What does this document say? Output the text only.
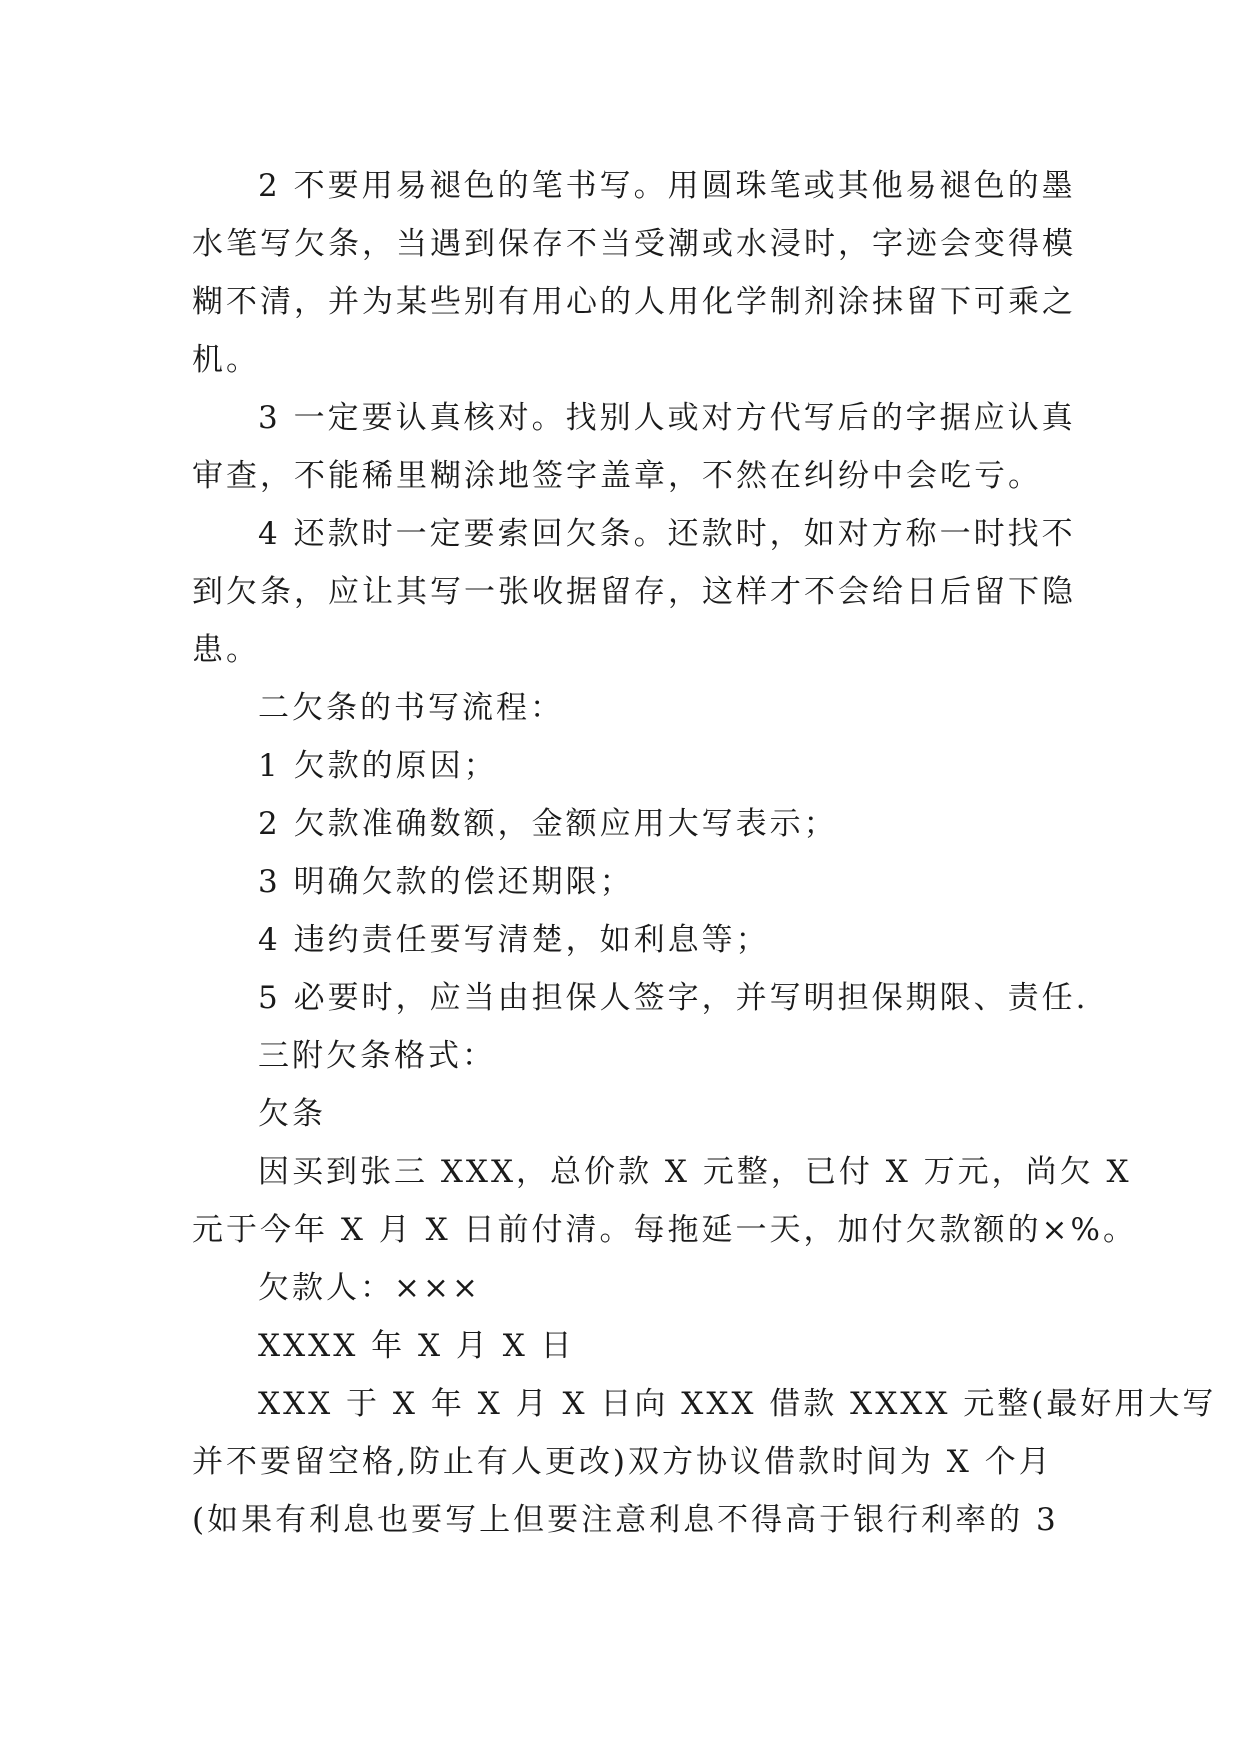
2 不要用易褪色的笔书写。用圆珠笔或其他易褪色的墨
水笔写欠条，当遇到保存不当受潮或水浸时，字迹会变得模
糊不清，并为某些别有用心的人用化学制剂涂抹留下可乘之
机。
3 一定要认真核对。找别人或对方代写后的字据应认真
审查，不能稀里糊涂地签字盖章，不然在纠纷中会吃亏。
4 还款时一定要索回欠条。还款时，如对方称一时找不
到欠条，应让其写一张收据留存，这样才不会给日后留下隐
患。
二欠条的书写流程：
1 欠款的原因；
2 欠款准确数额，金额应用大写表示；
3 明确欠款的偿还期限；
4 违约责任要写清楚，如利息等；
5 必要时，应当由担保人签字，并写明担保期限、责任.
三附欠条格式：
欠条
因买到张三 XXX，总价款 X 元整，已付 X 万元，尚欠 X
元于今年 X 月 X 日前付清。每拖延一天，加付欠款额的×%。
欠款人：×××
XXXX 年 X 月 X 日
XXX 于 X 年 X 月 X 日向 XXX 借款 XXXX 元整(最好用大写
并不要留空格,防止有人更改)双方协议借款时间为 X 个月
(如果有利息也要写上但要注意利息不得高于银行利率的 3
